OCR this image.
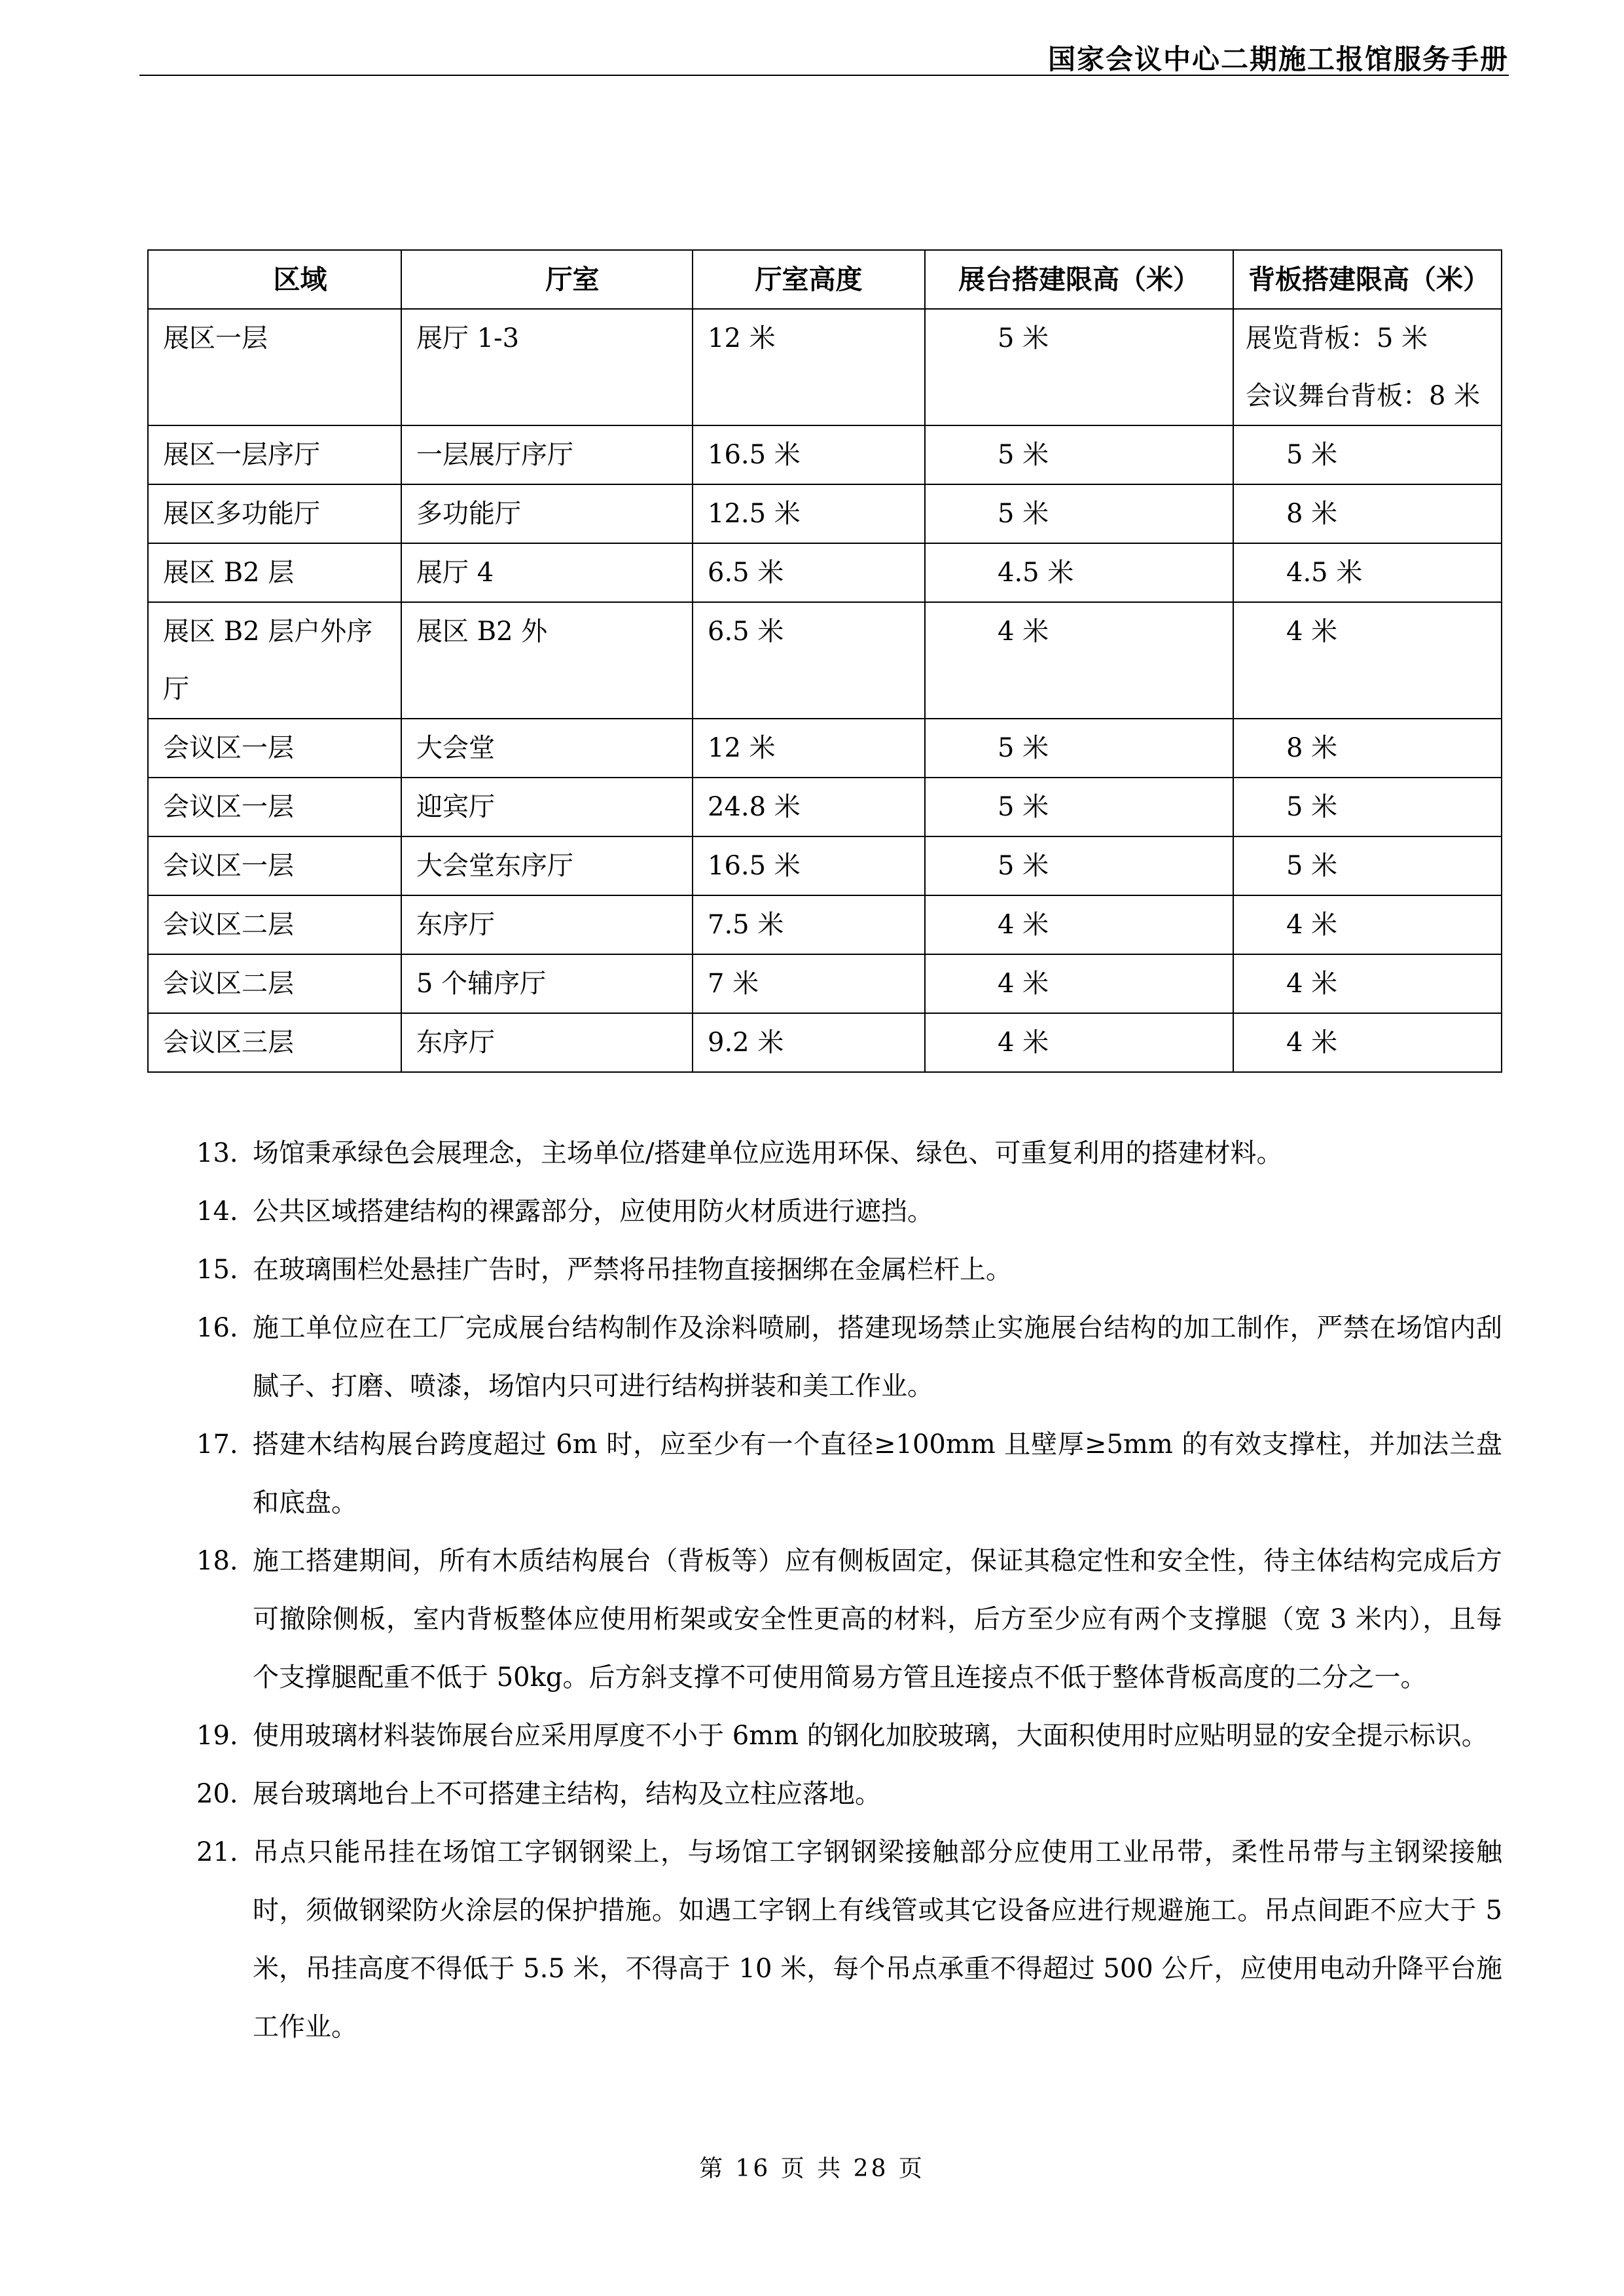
国家会议中心二期施工报馆服务手册
区域	厅室	厅室高度	展台搭建限高（米）	背板搭建限高（米）
展区一层	展厅 1-3	12 米	5 米	展览背板：5 米
会议舞台背板：8 米

展区一层序厅	一层展厅序厅	16.5 米	5 米	5 米

展区多功能厅	多功能厅	12.5 米	5 米	8 米

展区 B2 层	展厅 4	6.5 米	4.5 米	4.5 米

展区 B2 层户外序厅	展区 B2 外	6.5 米	4 米	4 米

会议区一层	大会堂	12 米	5 米	8 米

会议区一层	迎宾厅	24.8 米	5 米	5 米

会议区一层	大会堂东序厅	16.5 米	5 米	5 米

会议区二层	东序厅	7.5 米	4 米	4 米

会议区二层	5 个辅序厅	7 米	4 米	4 米

会议区三层	东序厅	9.2 米	4 米	4 米
13. 场馆秉承绿色会展理念，主场单位/搭建单位应选用环保、绿色、可重复利用的搭建材料。
14. 公共区域搭建结构的裸露部分，应使用防火材质进行遮挡。
15. 在玻璃围栏处悬挂广告时，严禁将吊挂物直接捆绑在金属栏杆上。
16. 施工单位应在工厂完成展台结构制作及涂料喷刷，搭建现场禁止实施展台结构的加工制作，严禁在场馆内刮腻子、打磨、喷漆，场馆内只可进行结构拼装和美工作业。
17. 搭建木结构展台跨度超过 6m 时，应至少有一个直径≥100mm 且壁厚≥5mm 的有效支撑柱，并加法兰盘和底盘。
18. 施工搭建期间，所有木质结构展台（背板等）应有侧板固定，保证其稳定性和安全性，待主体结构完成后方可撤除侧板，室内背板整体应使用桁架或安全性更高的材料，后方至少应有两个支撑腿（宽 3 米内），且每个支撑腿配重不低于 50kg。后方斜支撑不可使用简易方管且连接点不低于整体背板高度的二分之一。
19. 使用玻璃材料装饰展台应采用厚度不小于 6mm 的钢化加胶玻璃，大面积使用时应贴明显的安全提示标识。
20. 展台玻璃地台上不可搭建主结构，结构及立柱应落地。
21. 吊点只能吊挂在场馆工字钢钢梁上，与场馆工字钢钢梁接触部分应使用工业吊带，柔性吊带与主钢梁接触时，须做钢梁防火涂层的保护措施。如遇工字钢上有线管或其它设备应进行规避施工。吊点间距不应大于 5 米，吊挂高度不得低于 5.5 米，不得高于 10 米，每个吊点承重不得超过 500 公斤，应使用电动升降平台施工作业。
第 16 页 共 28 页
